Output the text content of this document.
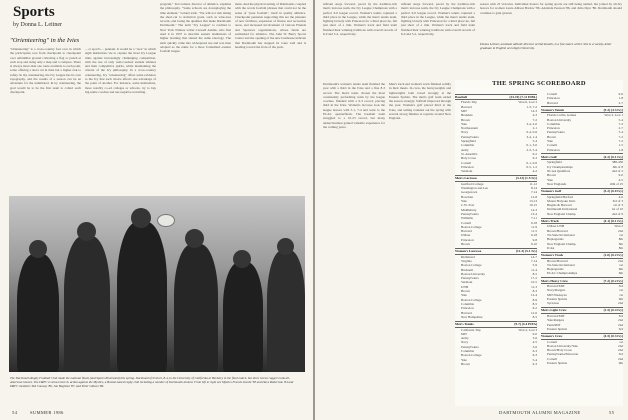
Sports
by Donna L. Leitner
"Orienteering" in the Ivies
"Orienteering" is a cross-country foot race in which the participants race from checkpoint to checkpoint over unfamiliar ground collecting a flag or punch at each stop and using only a map and a compass. There is always more than one route available to each point, some offering a short cut in time but a higher risk to safety. In my orienteering, the Ivy League has its own topography, and the results of a season can be an adventure for the uninitiated. In by orienteering, the goal would be to be the first team to collect each checkpoint.
... or sport's ... pennant. It would be a "race" in which eight institutions vie to capture the most Ivy League titles against increasingly challenging competition, with the use of only well-coached student athletes and their competitive spirits, while maintaining the criteria of the Ivy philosophy. In a cross-country orienteering, Ivy "orienteering" offers some evidence to the Ivy that each choice affects one advantage of the point of another. For instance, some institutions, more notably co-ed colleges or schools, try to buy big-name coaches and use negative recruiting.
program," Ted Leland, director of athletics, explains the philosophy. "Some schools are downplaying the time element," Leland adds. "We will not risk taking the short-cut to statistical goals, such as wins-loss records, and losing the qualities that make Dartmouth Dartmouth." The term "Ivy League" is credited to New York Tribune writer Caswell Adams, who first used it in 1937 to describe eastern institutions of higher learning that shared the same ideology. The term quickly came into widespread use and was then adopted as the name for a more formalized eastern football league.
ment. And the physical setting of Dartmouth, coupled with the words football phrases that could not be the sense of "pure football", itself in quality athletics. Checkpoint pennants supporting this are the pleasure of new facilities, expansion of fitness and recreation areas, and increased involvement of various Friends and Sponsors organizations, whose funds are earmarked for athletics. The John W. Berry Sports Center and the opening of the new boathouse indicate that Dartmouth has stepped its route well and is heading toward the front of the pack.
The Dartmouth Rugby Football Club made the national finals (and Sports Illustrated) this spring. Dartmouth fell short, 8-4, to the University of California at Berkeley in the final match, but three Green ruggers took all-American honors. The DRFC is shown here in action against the Mystics, a Boston-based rugby club including a number of Dartmouth alumni. From left to right are Mystics Francis Iacobi '83 and Dave Robertson '84 and DRFC members Ted Conway '86, Jon Boglioni '87, and Peter Gibson '86.
54	SUMMER 1986
nificant surge forward, paced by the tradition-rich men's lacrosse team, the Ivy League Champions with a perfect 6-0 league record. Women's tennis captured a third place in the League, while the men's tennis team, fighting bravely with Princeton for a third place tie, fell just short of a title. Women's track and field team finished their winning traditions with overall records of 6-0 and 5-2, respectively.
nificant surge forward, paced by the tradition-rich men's lacrosse team, the Ivy League Champions with a perfect 6-0 league record. Women's tennis captured a third place in the League, while the men's tennis team, fighting bravely with Princeton for a third place tie, fell just short of a title. Women's track and field team finished their winning traditions with overall records of 6-0 and 5-2, respectively.
season with 23 victories. Individual honors for spring sports are still being named, but joined by all-Ivy honors for women Laura Allison Barlow '86, Adelaide Pearson '86, and Julia Dyer '86. Dartmouth should continue to gain ground.
Donna Leitner, assistant athletic director at Dartmouth, is a free-lance writer. She is a varsity-letter graduate in English at Lehigh University.
Dartmouth's women's tennis team finished the year with a third in the Ivies and a fine 8-3 record. The men's team, chosen the most consistently performing team by the league coaches, finished with a 6-3 record, placing third in the Ivies. Women's lacrosse took the league honors with 5-1, 7-4 and went to the ECAC quarterfinals. The baseball team struggled to a 10-23 record, but many underclassmen gained valuable experience for the coming years.
Men's track and women's track finished solidly in their meets. In crew, the heavyweights and lightweights both rowed strongly at the Eastern Sprints. The men's golf team ended the season strongly. Softball improved through the year. Women's golf placed third at the Ivies, and sailing rounded out the spring with several strong finishes at regattas around New England.
THE SPRING SCOREBOARD
Baseball	(23-19) (7-11 EIBL)
Florida Trip	Won 6, Lost 3
Harvard	1-3, 7-2
MIT	14-3
Brandeis	4-3
Brown	7-2
Yale	3-4, 2-0
Northeastern	2-1
Navy	0-4, 0-6
Pennsylvania	3-4, 1-4
Springfield	5-4
Columbia	0-1, 3-0
Army	2-3, 5-4
St. Anselm's	9-2
Holy Cross	6-3
Cornell	0-1, 0-6
Princeton	0-5, 1-2
Vermont	4-2
Men's Lacrosse	(3-13) (1-5 Ivy)
Guilford College	11-12
Washington and Lee	8-14
Georgetown	7-14
Bowdoin	12-8
Yale	13-13
C.W. Post	10-15
Middlebury	14-3
Pennsylvania	13-4
Williams	7-11
Cornell	9-18
Boston College	11-9
Harvard	11-5
UMass	6-18
Princeton	9-8
Brown	9-10
Women's Lacrosse	(12-3) (5-1 Ivy)
Richmond	14-7
Virginia	7-14
Boston College	5-9
Bucknell	11-4
Boston University	8-5
Pennsylvania	17-2
Vermont	10-5
UNH	11-3
Brown	8-3
Yale	12-4
Boston College	8-9
Columbia	8-5
Princeton	6-2
Harvard	12-6
New Hampshire	8-5
Men's Tennis	(9-7) (4-4 EITA)
California Trip	Won 2, Lost 3
MIT	9-0
Army	3-6
Navy	4-5
Pennsylvania	3-6
Columbia	6-3
Boston College	6-3
Yale	5-4
Brown	6-3
Cornell	9-6
Princeton	1-8
Harvard	2-7
Women's Tennis	(5-3) (4-3 Ivy)
Florida Collie. Games	Won 3, Lost 1
Boston University	5-4
Columbia	7-2
Princeton	2-7
Pennsylvania	5-4
Brown	7-2
Yale	7-2
Cornell	1-5
Princeton	1-8
Men's Golf	(4-2) (0-1 Ivy)
Springfield	388-430
Ivy Championships	6th of 8
NCAA Qualifiers	2nd of 2
Brown	9-0
Yale	4-5
New Englands	10th of 25
Women's Golf	(5-2) (0-0 Ivy)
Springfield/Harford	4-0
Mount Holyoke Invit.	3rd of 3
Hugins & Harvard	1st of 3
Dartmouth Invitational	1st of 10
New England Champ.	2nd of 9
Men's Track	(4-1) (0-1 Ivy)
UMass UNH	Won 2
Brown/Harvard	2nd
Tri-State Invitational	1st
Heptagonals	8th
New England Champ.	6th
IC4A	8th
Women's Track	(1-0) (0-2 Ivy)
Brown/Harvard	2nd
Tri-State Invitational	1st
Heptagonals	6th
ECAC Championships	6th
Men's Heavy Crew	(7-2) (0-2 Ivy)
Harvard/MIT	3rd
Navy/Rutgers	1st
MIT/Wesleyan	1st
Eastern Sprints	9th
Syracuse	2nd
Men's Light Crew	(1-5) (0-4 Ivy)
Harvard/MIT	3rd
Yale/Rutgers	2nd
Penn/MIT	2nd
Eastern Sprints	3rd
Women's Crew	(4-5) (0-3 Ivy)
Cornell	1st
Boston University/Yale	2nd
Brown/Holy Cross	2nd
Pennsylvania/Princeton	3rd
Cornell	2nd
Eastern Sprints	9th
DARTMOUTH ALUMNI MAGAZINE	55
